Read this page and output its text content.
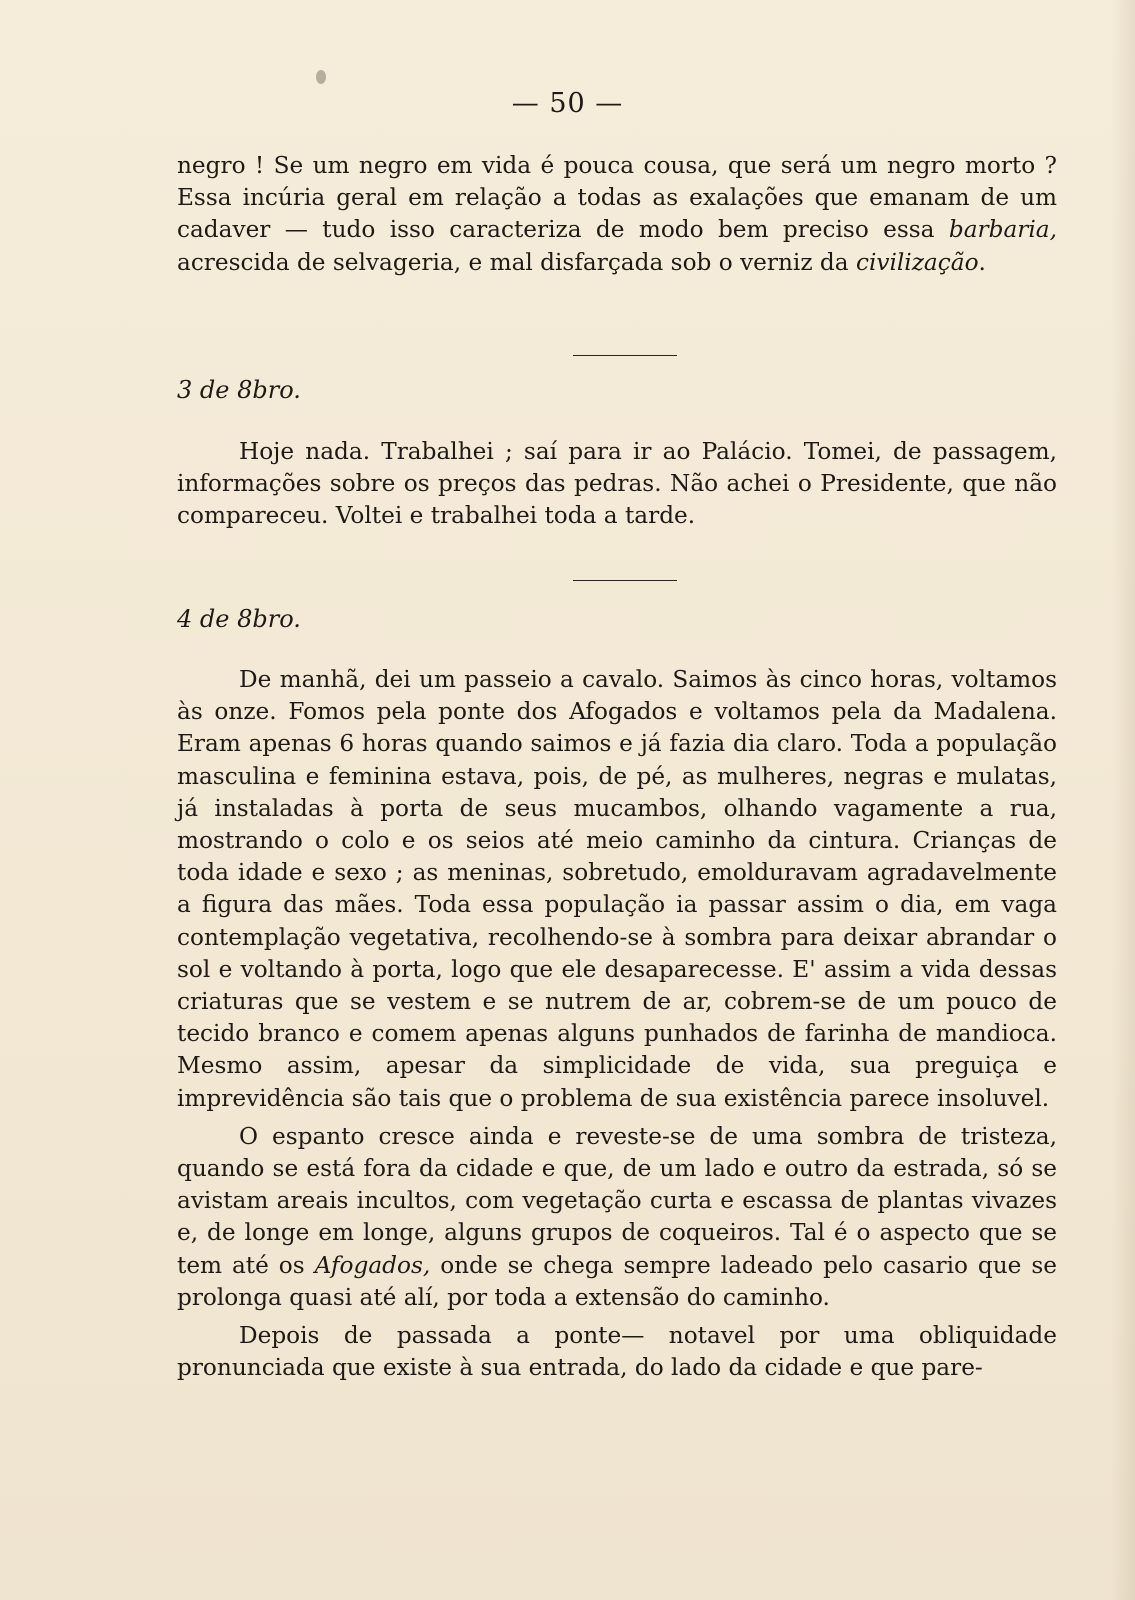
— 50 —

negro ! Se um negro em vida é pouca cousa, que será um negro morto ? Essa incúria geral em relação a todas as exalações que emanam de um cadaver — tudo isso caracteriza de modo bem preciso essa barbaria, acrescida de selvageria, e mal disfarçada sob o verniz da civilização.

3 de 8bro.

Hoje nada. Trabalhei ; saí para ir ao Palácio. Tomei, de passagem, informações sobre os preços das pedras. Não achei o Presidente, que não compareceu. Voltei e trabalhei toda a tarde.

4 de 8bro.

De manhã, dei um passeio a cavalo. Saimos às cinco horas, voltamos às onze. Fomos pela ponte dos Afogados e voltamos pela da Madalena. Eram apenas 6 horas quando saimos e já fazia dia claro. Toda a população masculina e feminina estava, pois, de pé, as mulheres, negras e mulatas, já instaladas à porta de seus mucambos, olhando vagamente a rua, mostrando o colo e os seios até meio caminho da cintura. Crianças de toda idade e sexo ; as meninas, sobretudo, emolduravam agradavelmente a figura das mães. Toda essa população ia passar assim o dia, em vaga contemplação vegetativa, recolhendo-se à sombra para deixar abrandar o sol e voltando à porta, logo que ele desaparecesse. E' assim a vida dessas criaturas que se vestem e se nutrem de ar, cobrem-se de um pouco de tecido branco e comem apenas alguns punhados de farinha de mandioca. Mesmo assim, apesar da simplicidade de vida, sua preguiça e imprevidência são tais que o problema de sua existência parece insoluvel.

O espanto cresce ainda e reveste-se de uma sombra de tristeza, quando se está fora da cidade e que, de um lado e outro da estrada, só se avistam areais incultos, com vegetação curta e escassa de plantas vivazes e, de longe em longe, alguns grupos de coqueiros. Tal é o aspecto que se tem até os Afogados, onde se chega sempre ladeado pelo casario que se prolonga quasi até alí, por toda a extensão do caminho.

Depois de passada a ponte— notavel por uma obliquidade pronunciada que existe à sua entrada, do lado da cidade e que pare-
